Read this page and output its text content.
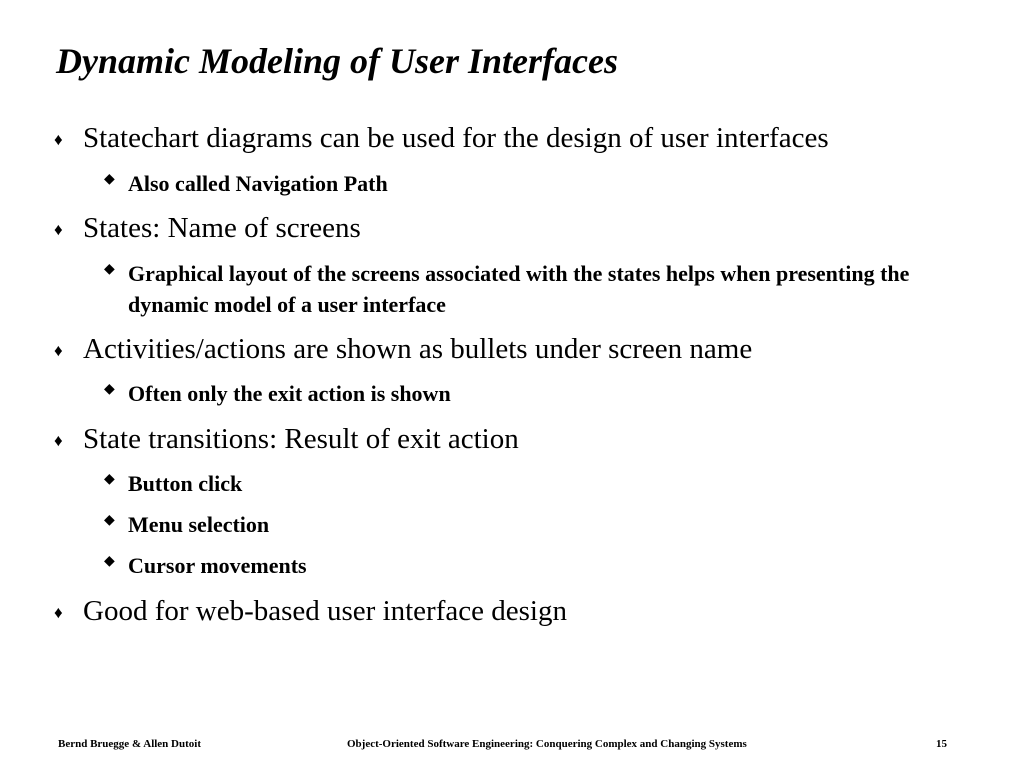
Dynamic Modeling of User Interfaces
♦ Statechart diagrams can be used for the design of user interfaces
◆ Also called Navigation Path
♦ States: Name of screens
◆ Graphical layout of the screens associated with the states helps when presenting the dynamic model of a user interface
♦ Activities/actions are shown as bullets under screen name
◆ Often only the exit action is shown
♦ State transitions: Result of exit action
◆ Button click
◆ Menu selection
◆ Cursor movements
♦ Good for web-based user interface design
Bernd Bruegge & Allen Dutoit	Object-Oriented Software Engineering: Conquering Complex and Changing Systems	15
